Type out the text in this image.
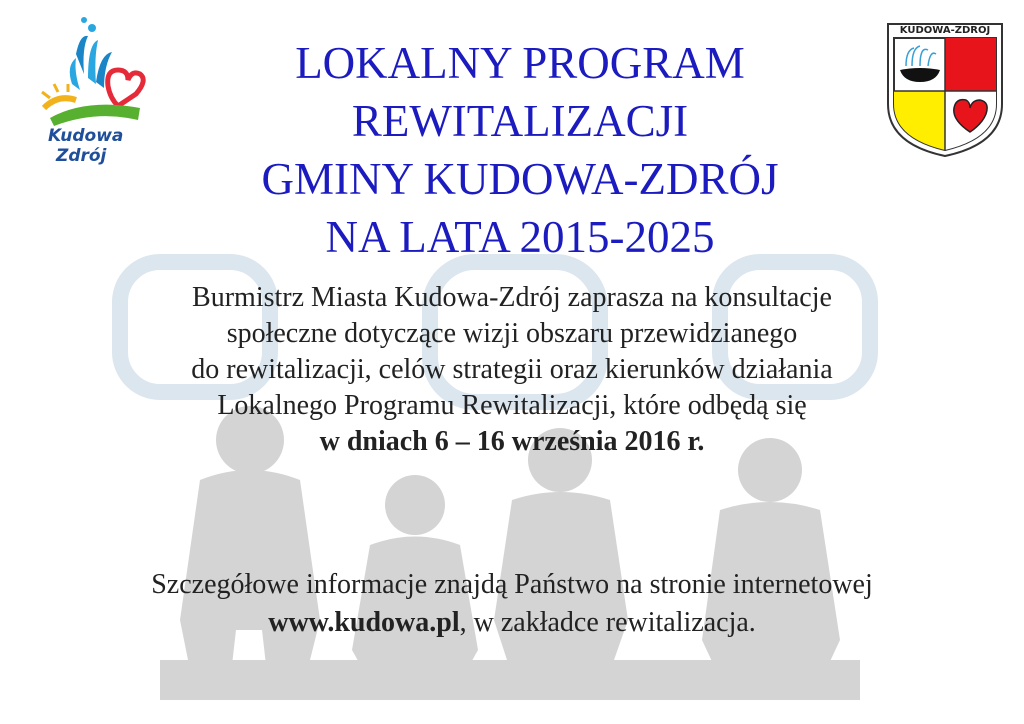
Kudowa
Zdrój
KUDOWA-ZDRÓJ
LOKALNY PROGRAM
REWITALIZACJI
GMINY KUDOWA-ZDRÓJ
NA LATA 2015-2025
Burmistrz Miasta Kudowa-Zdrój zaprasza na konsultacje
społeczne dotyczące wizji obszaru przewidzianego
do rewitalizacji, celów strategii oraz kierunków działania
Lokalnego Programu Rewitalizacji, które odbędą się
w dniach 6 – 16 września 2016 r.
Szczegółowe informacje znajdą Państwo na stronie internetowej
www.kudowa.pl, w zakładce rewitalizacja.
